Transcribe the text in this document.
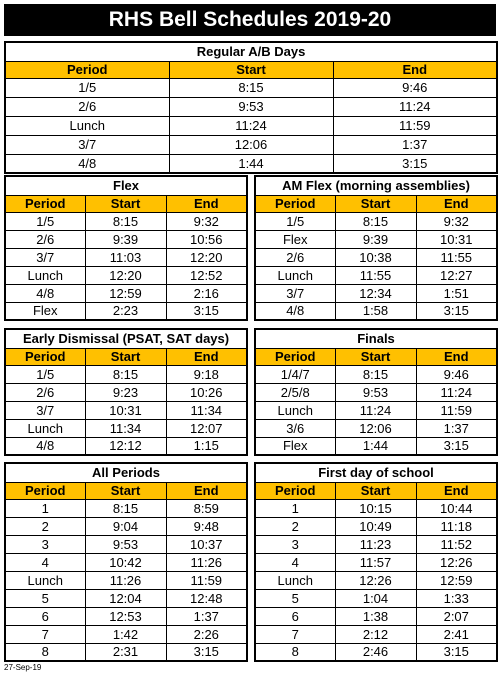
RHS Bell Schedules 2019-20
Regular A/B Days		
Period	Start	End
1/5	8:15	9:46
2/6	9:53	11:24
Lunch	11:24	11:59
3/7	12:06	1:37
4/8	1:44	3:15
Flex		
Period	Start	End
1/5	8:15	9:32
2/6	9:39	10:56
3/7	11:03	12:20
Lunch	12:20	12:52
4/8	12:59	2:16
Flex	2:23	3:15
AM Flex (morning assemblies)		
Period	Start	End
1/5	8:15	9:32
Flex	9:39	10:31
2/6	10:38	11:55
Lunch	11:55	12:27
3/7	12:34	1:51
4/8	1:58	3:15
Early Dismissal (PSAT, SAT days)		
Period	Start	End
1/5	8:15	9:18
2/6	9:23	10:26
3/7	10:31	11:34
Lunch	11:34	12:07
4/8	12:12	1:15
Finals		
Period	Start	End
1/4/7	8:15	9:46
2/5/8	9:53	11:24
Lunch	11:24	11:59
3/6	12:06	1:37
Flex	1:44	3:15
All Periods		
Period	Start	End
1	8:15	8:59
2	9:04	9:48
3	9:53	10:37
4	10:42	11:26
Lunch	11:26	11:59
5	12:04	12:48
6	12:53	1:37
7	1:42	2:26
8	2:31	3:15
First day of school		
Period	Start	End
1	10:15	10:44
2	10:49	11:18
3	11:23	11:52
4	11:57	12:26
Lunch	12:26	12:59
5	1:04	1:33
6	1:38	2:07
7	2:12	2:41
8	2:46	3:15
27-Sep-19
